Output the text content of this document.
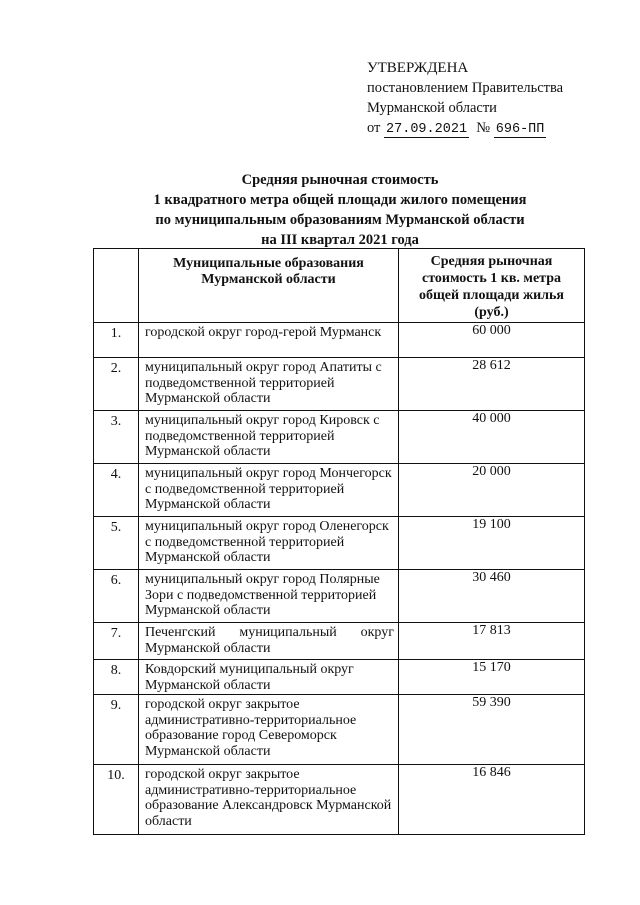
УТВЕРЖДЕНА
постановлением Правительства
Мурманской области
от 27.09.2021 № 696-ПП
Средняя рыночная стоимость
1 квадратного метра общей площади жилого помещения
по муниципальным образованиям Мурманской области
на III квартал 2021 года
	Муниципальные образования Мурманской области	Средняя рыночная стоимость 1 кв. метра общей площади жилья (руб.)
1.	городской округ город-герой Мурманск	60 000
2.	муниципальный округ город Апатиты с подведомственной территорией Мурманской области	28 612
3.	муниципальный округ город Кировск с подведомственной территорией Мурманской области	40 000
4.	муниципальный округ город Мончегорск с подведомственной территорией Мурманской области	20 000
5.	муниципальный округ город Оленегорск с подведомственной территорией Мурманской области	19 100
6.	муниципальный округ город Полярные Зори с подведомственной территорией Мурманской области	30 460
7.	Печенгский муниципальный округ Мурманской области	17 813
8.	Ковдорский муниципальный округ Мурманской области	15 170
9.	городской округ закрытое административно-территориальное образование город Североморск Мурманской области	59 390
10.	городской округ закрытое административно-территориальное образование Александровск Мурманской области	16 846
